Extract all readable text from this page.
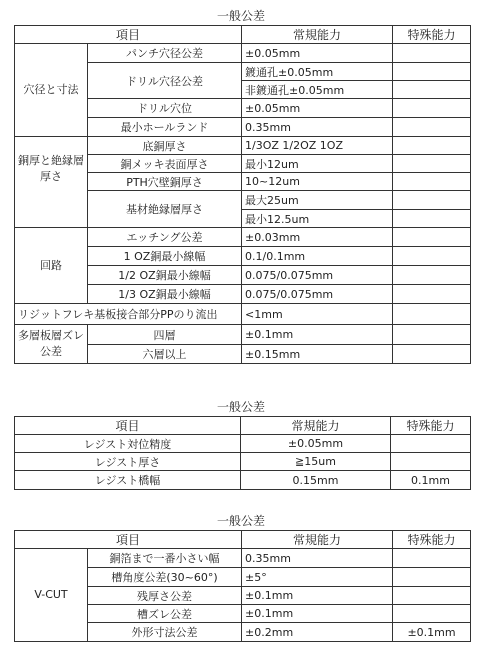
一般公差
項目		常規能力	特殊能力
穴径と寸法	パンチ穴径公差	±0.05mm	
	ドリル穴径公差	鍍通孔±0.05mm	
		非鍍通孔±0.05mm	
	ドリル穴位	±0.05mm	
	最小ホールランド	0.35mm	
銅厚と絶縁層厚さ	底銅厚さ	1/3OZ 1/2OZ 1OZ	
	銅メッキ表面厚さ	最小12um	
	PTH穴壁銅厚さ	10~12um	
	基材絶縁層厚さ	最大25um	
		最小12.5um	
回路	エッチング公差	±0.03mm	
	1 OZ銅最小線幅	0.1/0.1mm	
	1/2 OZ銅最小線幅	0.075/0.075mm	
	1/3 OZ銅最小線幅	0.075/0.075mm	
リジットフレキ基板接合部分PPのり流出		<1mm	
多層板層ズレ公差	四層	±0.1mm	
	六層以上	±0.15mm	
一般公差
項目	常規能力	特殊能力
レジスト対位精度	±0.05mm	
レジスト厚さ	≧15um	
レジスト橋幅	0.15mm	0.1mm
一般公差
項目		常規能力	特殊能力
V-CUT	銅箔まで一番小さい幅	0.35mm	
	槽角度公差(30~60°)	±5°	
	残厚さ公差	±0.1mm	
	槽ズレ公差	±0.1mm	
	外形寸法公差	±0.2mm	±0.1mm
